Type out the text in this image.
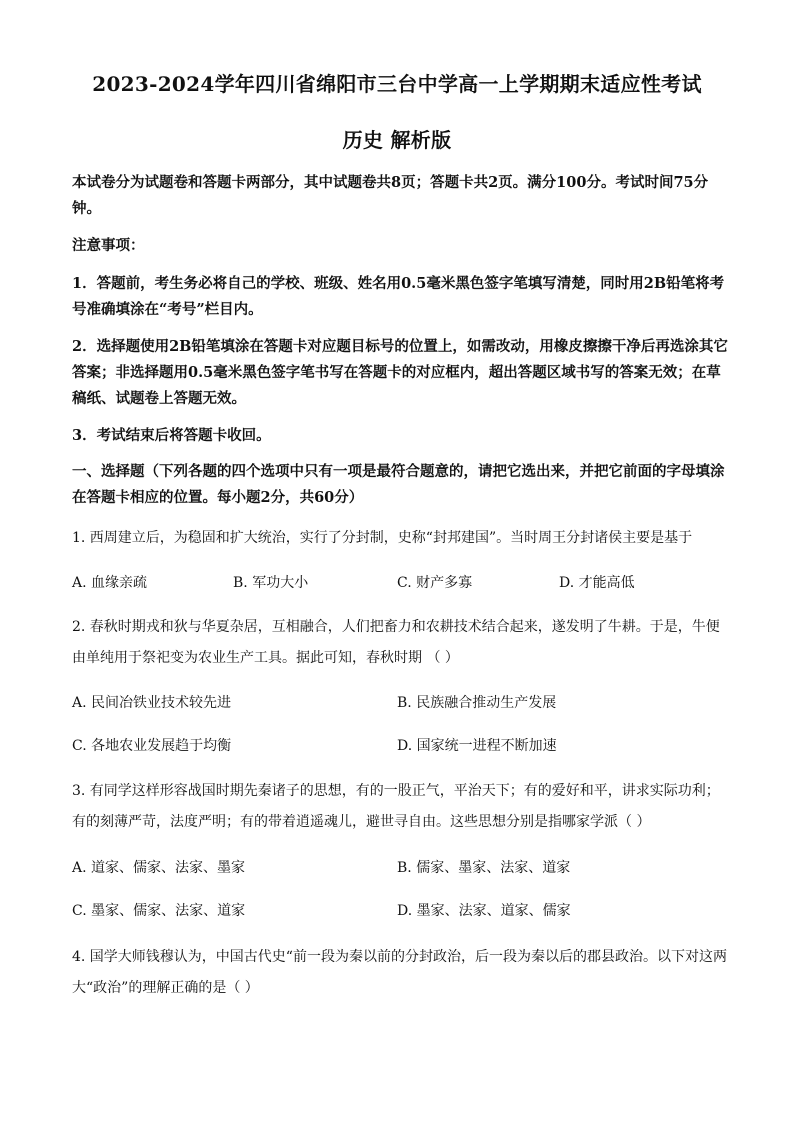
2023-2024学年四川省绵阳市三台中学高一上学期期末适应性考试
历史 解析版

本试卷分为试题卷和答题卡两部分，其中试题卷共8页；答题卡共2页。满分100分。考试时间75分钟。

注意事项：

1．答题前，考生务必将自己的学校、班级、姓名用0.5毫米黑色签字笔填写清楚，同时用2B铅笔将考号准确填涂在“考号”栏目内。

2．选择题使用2B铅笔填涂在答题卡对应题目标号的位置上，如需改动，用橡皮擦擦干净后再选涂其它答案；非选择题用0.5毫米黑色签字笔书写在答题卡的对应框内，超出答题区域书写的答案无效；在草稿纸、试题卷上答题无效。

3．考试结束后将答题卡收回。

一、选择题（下列各题的四个选项中只有一项是最符合题意的，请把它选出来，并把它前面的字母填涂在答题卡相应的位置。每小题2分，共60分）

1. 西周建立后，为稳固和扩大统治，实行了分封制，史称“封邦建国”。当时周王分封诸侯主要是基于

A. 血缘亲疏	B. 军功大小	C. 财产多寡	D. 才能高低

2. 春秋时期戎和狄与华夏杂居，互相融合，人们把畜力和农耕技术结合起来，遂发明了牛耕。于是，牛便由单纯用于祭祀变为农业生产工具。据此可知，春秋时期 （ ）

A. 民间冶铁业技术较先进	B. 民族融合推动生产发展
C. 各地农业发展趋于均衡	D. 国家统一进程不断加速

3. 有同学这样形容战国时期先秦诸子的思想，有的一股正气，平治天下；有的爱好和平，讲求实际功利；有的刻薄严苛，法度严明；有的带着逍遥魂儿，避世寻自由。这些思想分别是指哪家学派（ ）

A. 道家、儒家、法家、墨家	B. 儒家、墨家、法家、道家
C. 墨家、儒家、法家、道家	D. 墨家、法家、道家、儒家

4. 国学大师钱穆认为，中国古代史“前一段为秦以前的分封政治，后一段为秦以后的郡县政治。以下对这两大“政治”的理解正确的是（ ）
